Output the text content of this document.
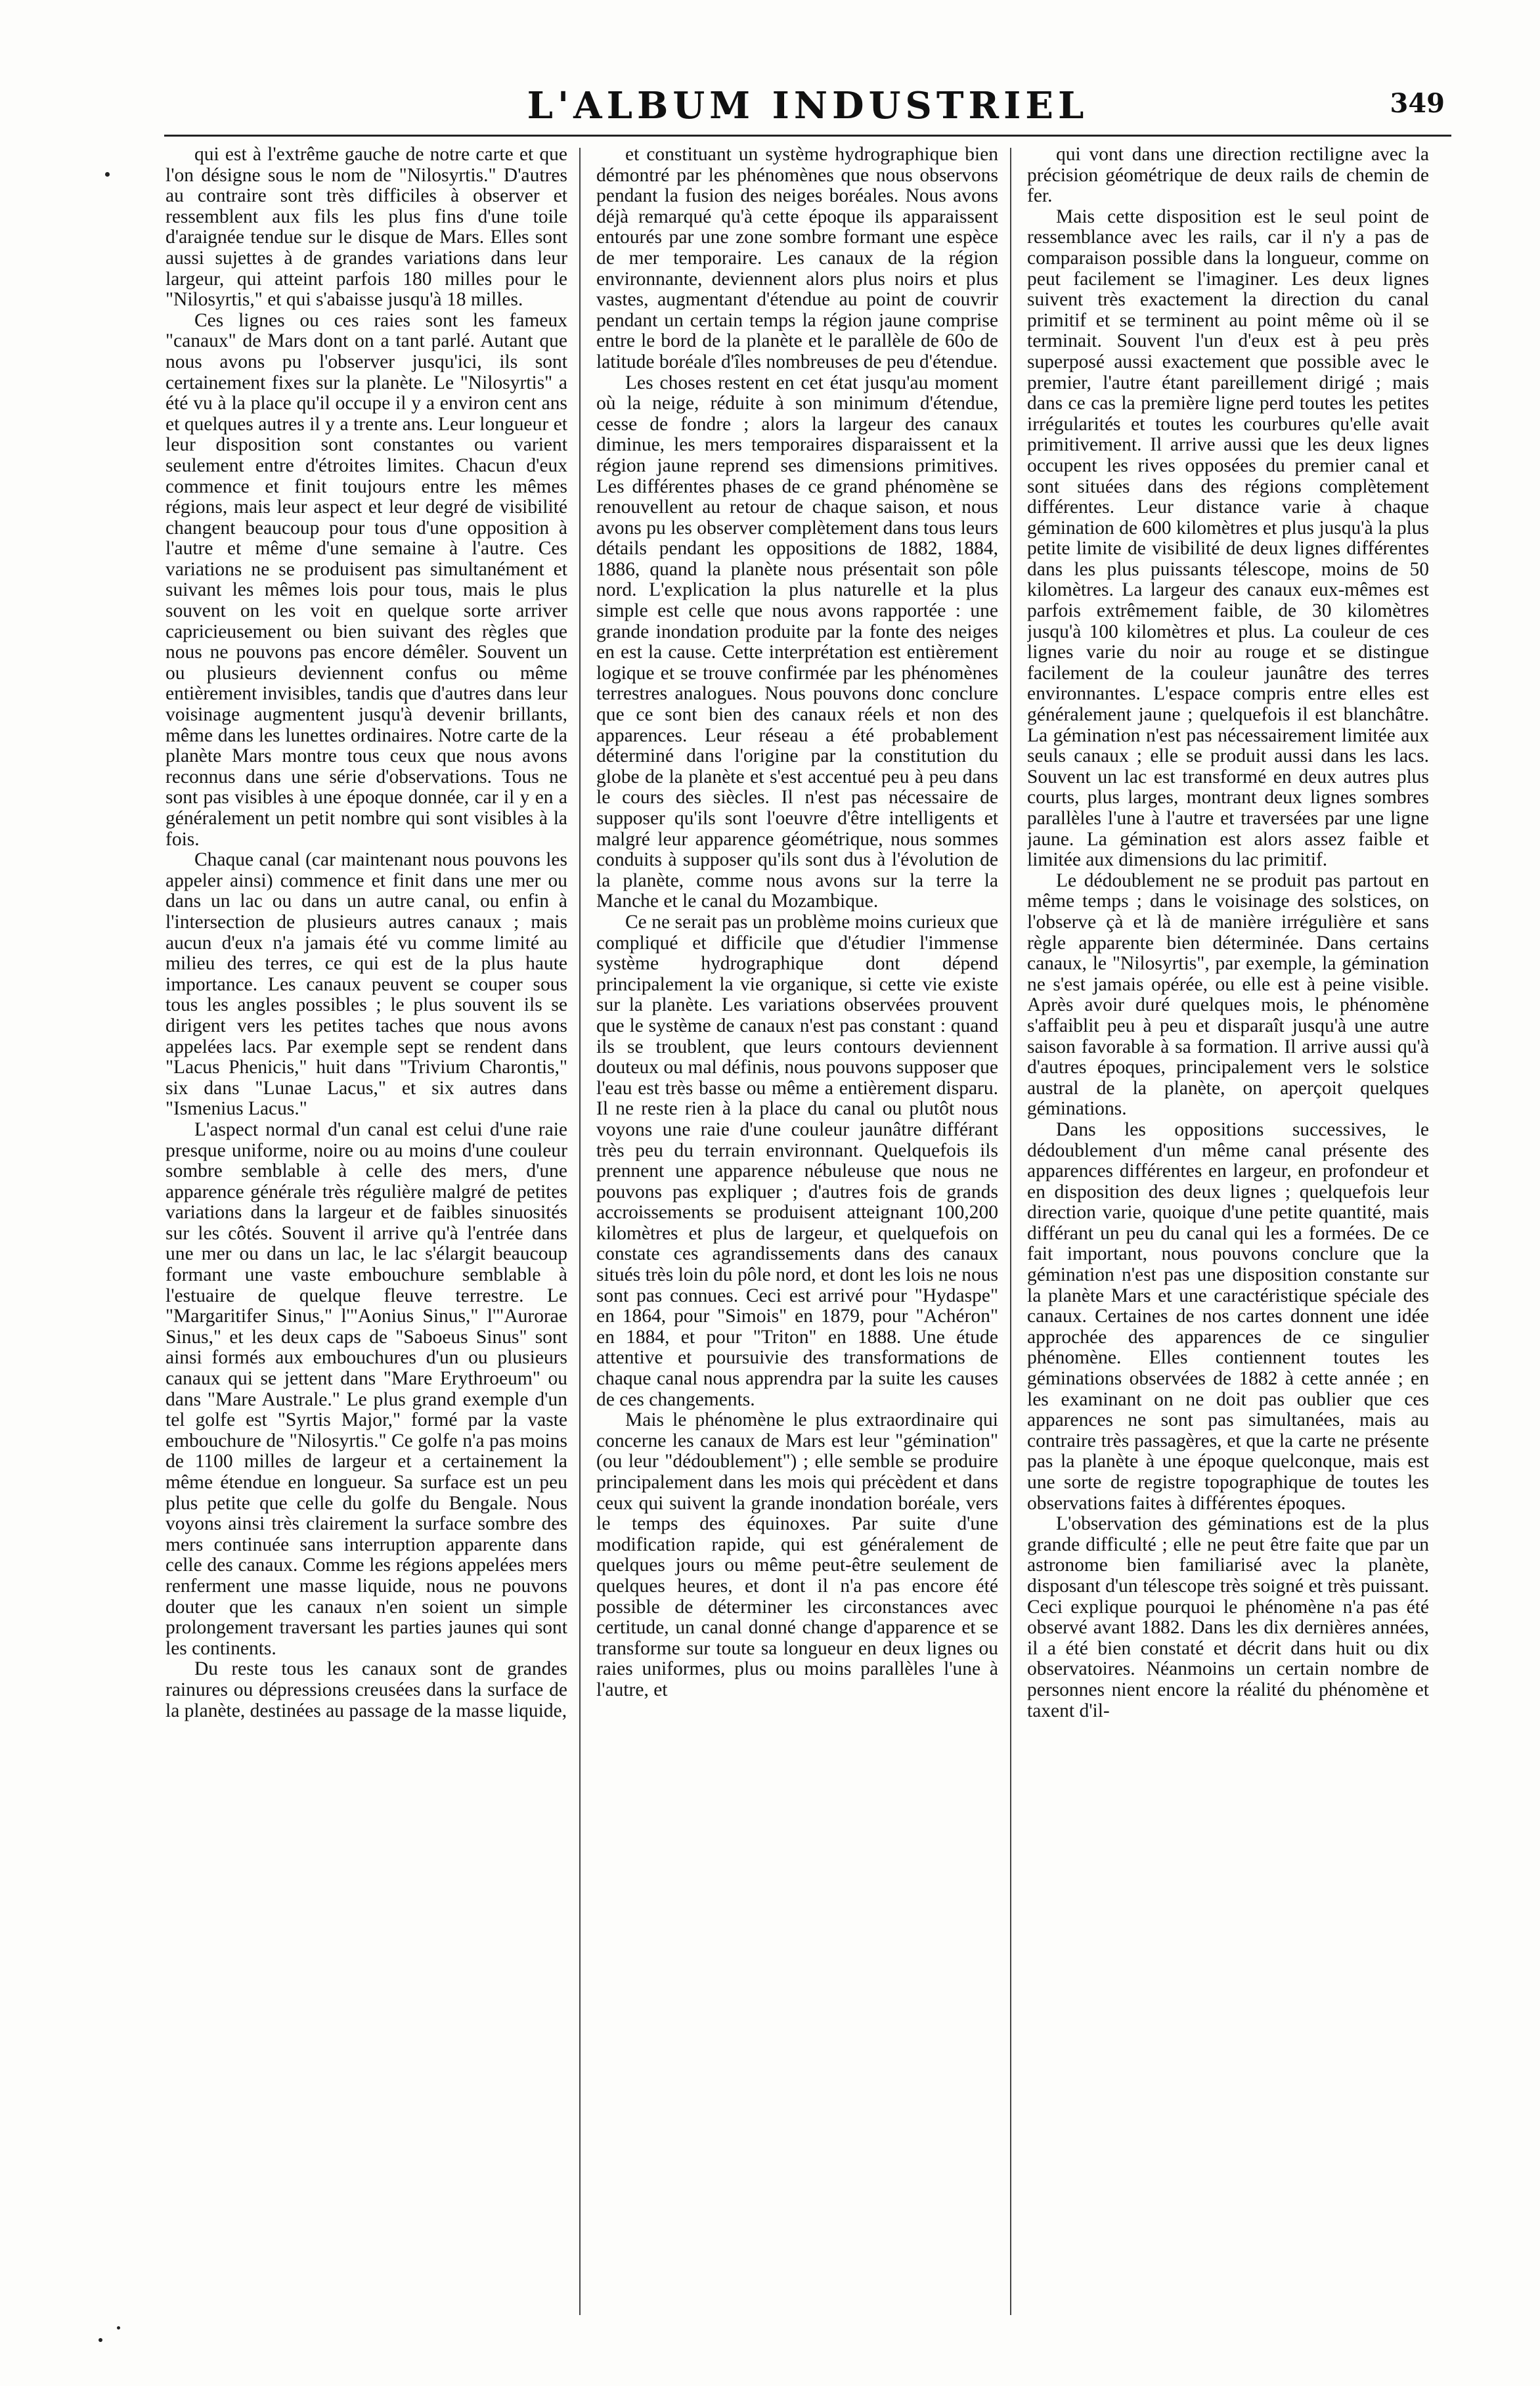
L'ALBUM INDUSTRIEL	349

qui est à l'extrême gauche de notre carte et que l'on désigne sous le nom de "Nilosyrtis." D'autres au contraire sont très difficiles à observer et ressemblent aux fils les plus fins d'une toile d'araignée tendue sur le disque de Mars. Elles sont aussi sujettes à de grandes variations dans leur largeur, qui atteint parfois 180 milles pour le "Nilosyrtis," et qui s'abaisse jusqu'à 18 milles.

Ces lignes ou ces raies sont les fameux "canaux" de Mars dont on a tant parlé. Autant que nous avons pu l'observer jusqu'ici, ils sont certainement fixes sur la planète. Le "Nilosyrtis" a été vu à la place qu'il occupe il y a environ cent ans et quelques autres il y a trente ans. Leur longueur et leur disposition sont constantes ou varient seulement entre d'étroites limites. Chacun d'eux commence et finit toujours entre les mêmes régions, mais leur aspect et leur degré de visibilité changent beaucoup pour tous d'une opposition à l'autre et même d'une semaine à l'autre. Ces variations ne se produisent pas simultanément et suivant les mêmes lois pour tous, mais le plus souvent on les voit en quelque sorte arriver capricieusement ou bien suivant des règles que nous ne pouvons pas encore démêler. Souvent un ou plusieurs deviennent confus ou même entièrement invisibles, tandis que d'autres dans leur voisinage augmentent jusqu'à devenir brillants, même dans les lunettes ordinaires. Notre carte de la planète Mars montre tous ceux que nous avons reconnus dans une série d'observations. Tous ne sont pas visibles à une époque donnée, car il y en a généralement un petit nombre qui sont visibles à la fois.

Chaque canal (car maintenant nous pouvons les appeler ainsi) commence et finit dans une mer ou dans un lac ou dans un autre canal, ou enfin à l'intersection de plusieurs autres canaux ; mais aucun d'eux n'a jamais été vu comme limité au milieu des terres, ce qui est de la plus haute importance. Les canaux peuvent se couper sous tous les angles possibles ; le plus souvent ils se dirigent vers les petites taches que nous avons appelées lacs. Par exemple sept se rendent dans "Lacus Phenicis," huit dans "Trivium Charontis," six dans "Lunae Lacus," et six autres dans "Ismenius Lacus."

L'aspect normal d'un canal est celui d'une raie presque uniforme, noire ou au moins d'une couleur sombre semblable à celle des mers, d'une apparence générale très régulière malgré de petites variations dans la largeur et de faibles sinuosités sur les côtés. Souvent il arrive qu'à l'entrée dans une mer ou dans un lac, le lac s'élargit beaucoup formant une vaste embouchure semblable à l'estuaire de quelque fleuve terrestre. Le "Margaritifer Sinus," l'"Aonius Sinus," l'"Aurorae Sinus," et les deux caps de "Saboeus Sinus" sont ainsi formés aux embouchures d'un ou plusieurs canaux qui se jettent dans "Mare Erythroeum" ou dans "Mare Australe." Le plus grand exemple d'un tel golfe est "Syrtis Major," formé par la vaste embouchure de "Nilosyrtis." Ce golfe n'a pas moins de 1100 milles de largeur et a certainement la même étendue en longueur. Sa surface est un peu plus petite que celle du golfe du Bengale. Nous voyons ainsi très clairement la surface sombre des mers continuée sans interruption apparente dans celle des canaux. Comme les régions appelées mers renferment une masse liquide, nous ne pouvons douter que les canaux n'en soient un simple prolongement traversant les parties jaunes qui sont les continents.

Du reste tous les canaux sont de grandes rainures ou dépressions creusées dans la surface de la planète, destinées au passage de la masse liquide,

et constituant un système hydrographique bien démontré par les phénomènes que nous observons pendant la fusion des neiges boréales. Nous avons déjà remarqué qu'à cette époque ils apparaissent entourés par une zone sombre formant une espèce de mer temporaire. Les canaux de la région environnante, deviennent alors plus noirs et plus vastes, augmentant d'étendue au point de couvrir pendant un certain temps la région jaune comprise entre le bord de la planète et le parallèle de 60o de latitude boréale d'îles nombreuses de peu d'étendue.

Les choses restent en cet état jusqu'au moment où la neige, réduite à son minimum d'étendue, cesse de fondre ; alors la largeur des canaux diminue, les mers temporaires disparaissent et la région jaune reprend ses dimensions primitives. Les différentes phases de ce grand phénomène se renouvellent au retour de chaque saison, et nous avons pu les observer complètement dans tous leurs détails pendant les oppositions de 1882, 1884, 1886, quand la planète nous présentait son pôle nord. L'explication la plus naturelle et la plus simple est celle que nous avons rapportée : une grande inondation produite par la fonte des neiges en est la cause. Cette interprétation est entièrement logique et se trouve confirmée par les phénomènes terrestres analogues. Nous pouvons donc conclure que ce sont bien des canaux réels et non des apparences. Leur réseau a été probablement déterminé dans l'origine par la constitution du globe de la planète et s'est accentué peu à peu dans le cours des siècles. Il n'est pas nécessaire de supposer qu'ils sont l'oeuvre d'être intelligents et malgré leur apparence géométrique, nous sommes conduits à supposer qu'ils sont dus à l'évolution de la planète, comme nous avons sur la terre la Manche et le canal du Mozambique.

Ce ne serait pas un problème moins curieux que compliqué et difficile que d'étudier l'immense système hydrographique dont dépend principalement la vie organique, si cette vie existe sur la planète. Les variations observées prouvent que le système de canaux n'est pas constant : quand ils se troublent, que leurs contours deviennent douteux ou mal définis, nous pouvons supposer que l'eau est très basse ou même a entièrement disparu. Il ne reste rien à la place du canal ou plutôt nous voyons une raie d'une couleur jaunâtre différant très peu du terrain environnant. Quelquefois ils prennent une apparence nébuleuse que nous ne pouvons pas expliquer ; d'autres fois de grands accroissements se produisent atteignant 100,200 kilomètres et plus de largeur, et quelquefois on constate ces agrandissements dans des canaux situés très loin du pôle nord, et dont les lois ne nous sont pas connues. Ceci est arrivé pour "Hydaspe" en 1864, pour "Simois" en 1879, pour "Achéron" en 1884, et pour "Triton" en 1888. Une étude attentive et poursuivie des transformations de chaque canal nous apprendra par la suite les causes de ces changements.

Mais le phénomène le plus extraordinaire qui concerne les canaux de Mars est leur "gémination" (ou leur "dédoublement") ; elle semble se produire principalement dans les mois qui précèdent et dans ceux qui suivent la grande inondation boréale, vers le temps des équinoxes. Par suite d'une modification rapide, qui est généralement de quelques jours ou même peut-être seulement de quelques heures, et dont il n'a pas encore été possible de déterminer les circonstances avec certitude, un canal donné change d'apparence et se transforme sur toute sa longueur en deux lignes ou raies uniformes, plus ou moins parallèles l'une à l'autre, et

qui vont dans une direction rectiligne avec la précision géométrique de deux rails de chemin de fer.

Mais cette disposition est le seul point de ressemblance avec les rails, car il n'y a pas de comparaison possible dans la longueur, comme on peut facilement se l'imaginer. Les deux lignes suivent très exactement la direction du canal primitif et se terminent au point même où il se terminait. Souvent l'un d'eux est à peu près superposé aussi exactement que possible avec le premier, l'autre étant pareillement dirigé ; mais dans ce cas la première ligne perd toutes les petites irrégularités et toutes les courbures qu'elle avait primitivement. Il arrive aussi que les deux lignes occupent les rives opposées du premier canal et sont situées dans des régions complètement différentes. Leur distance varie à chaque gémination de 600 kilomètres et plus jusqu'à la plus petite limite de visibilité de deux lignes différentes dans les plus puissants télescope, moins de 50 kilomètres. La largeur des canaux eux-mêmes est parfois extrêmement faible, de 30 kilomètres jusqu'à 100 kilomètres et plus. La couleur de ces lignes varie du noir au rouge et se distingue facilement de la couleur jaunâtre des terres environnantes. L'espace compris entre elles est généralement jaune ; quelquefois il est blanchâtre. La gémination n'est pas nécessairement limitée aux seuls canaux ; elle se produit aussi dans les lacs. Souvent un lac est transformé en deux autres plus courts, plus larges, montrant deux lignes sombres parallèles l'une à l'autre et traversées par une ligne jaune. La gémination est alors assez faible et limitée aux dimensions du lac primitif.

Le dédoublement ne se produit pas partout en même temps ; dans le voisinage des solstices, on l'observe çà et là de manière irrégulière et sans règle apparente bien déterminée. Dans certains canaux, le "Nilosyrtis", par exemple, la gémination ne s'est jamais opérée, ou elle est à peine visible. Après avoir duré quelques mois, le phénomène s'affaiblit peu à peu et disparaît jusqu'à une autre saison favorable à sa formation. Il arrive aussi qu'à d'autres époques, principalement vers le solstice austral de la planète, on aperçoit quelques géminations.

Dans les oppositions successives, le dédoublement d'un même canal présente des apparences différentes en largeur, en profondeur et en disposition des deux lignes ; quelquefois leur direction varie, quoique d'une petite quantité, mais différant un peu du canal qui les a formées. De ce fait important, nous pouvons conclure que la gémination n'est pas une disposition constante sur la planète Mars et une caractéristique spéciale des canaux. Certaines de nos cartes donnent une idée approchée des apparences de ce singulier phénomène. Elles contiennent toutes les géminations observées de 1882 à cette année ; en les examinant on ne doit pas oublier que ces apparences ne sont pas simultanées, mais au contraire très passagères, et que la carte ne présente pas la planète à une époque quelconque, mais est une sorte de registre topographique de toutes les observations faites à différentes époques.

L'observation des géminations est de la plus grande difficulté ; elle ne peut être faite que par un astronome bien familiarisé avec la planète, disposant d'un télescope très soigné et très puissant. Ceci explique pourquoi le phénomène n'a pas été observé avant 1882. Dans les dix dernières années, il a été bien constaté et décrit dans huit ou dix observatoires. Néanmoins un certain nombre de personnes nient encore la réalité du phénomène et taxent d'il-
